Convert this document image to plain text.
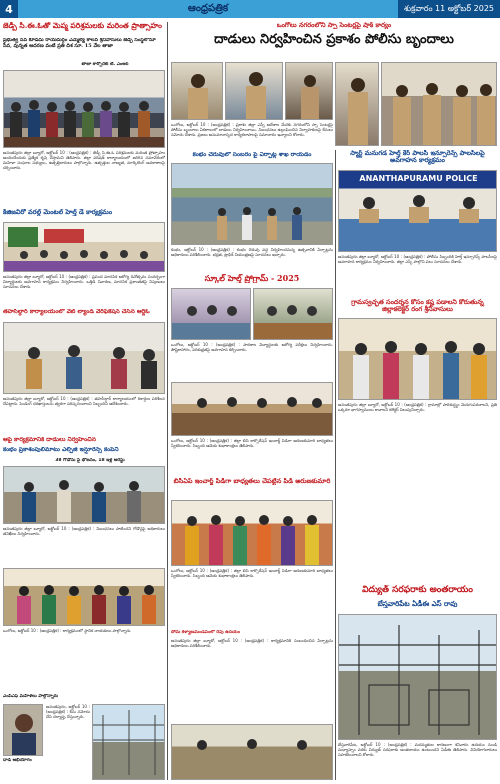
4	ఆంధ్రపత్రిక	శుక్రవారం 11 అక్టోబర్ 2025
జెడ్పీ సి.ఈ.ఓతో మెప్మ పరిశ్రమలకు మరింత ప్రాత్సాహం
ప్రభుత్వ సేవ కూడదు రాయదుర్గం ఎమ్మెల్యే కాలవ శ్రీనివాసులు జెడ్పీ సంస్థలోనూ సేవ, వున్నత ఆదరణ వంటి ప్రతి దిశ సూ. 15 వేల తాజా
తాజా కార్పొరేట్ టీ. ఎంఆర్
అనంతపురం జిల్లా బ్యూరో, అక్టోబర్ 10 : (ఆంధ్రపత్రిక) : జెడ్పీ సి.ఈ.ఓ పరిశ్రమలకు మరింత ప్రోత్సాహం అందించేందుకు ప్రత్యేక కృషి చేస్తామని తెలిపారు. జిల్లా పరిషత్ కార్యాలయంలో జరిగిన సమావేశంలో మహిళా సంఘాల సభ్యులు, ఉత్పత్తిదారులు పాల్గొన్నారు. ఉత్పత్తుల నాణ్యత, మార్కెటింగ్ అవకాశాలపై చర్చించారు.
కిజిజవిరో వరల్డ్ మెంటల్ హెల్త్ డే కార్యక్రమం
అనంతపురం జిల్లా బ్యూరో, అక్టోబర్ 10 : (ఆంధ్రపత్రిక) : ప్రపంచ మానసిక ఆరోగ్య దినోత్సవం సందర్భంగా విద్యార్థులకు అవగాహన కార్యక్రమం నిర్వహించారు. ఒత్తిడి నివారణ, మానసిక ప్రశాంతతపై నిపుణులు సూచనలు చేశారు.
తహసీల్దార్ కార్యాలయంలో వెబ్ ల్యాండ్ వెరిఫికేషన్ చేసిన ఆర్డీఓ
అనంతపురం జిల్లా బ్యూరో, అక్టోబర్ 10 : (ఆంధ్రపత్రిక) : తహసీల్దార్ కార్యాలయంలో రికార్డుల పరిశీలన చేపట్టారు. పెండింగ్ దరఖాస్తులను త్వరగా పరిష్కరించాలని సిబ్బందిని ఆదేశించారు.
ఆపై కార్యక్రమానికి దాడులు నిర్వహించిన
కంభం ప్రకాశంపులిమాటు ఎల్పిజి ఇన్షూరెన్స్ కంపెనీ
38 గోడౌను పై భోజనం, 18 ఇళ్ల అరెస్టు
అనంతపురం జిల్లా బ్యూరో, అక్టోబర్ 10 : (ఆంధ్రపత్రిక) : నిబంధనలు పాటించని గోడౌన్లపై అధికారులు తనిఖీలు నిర్వహించారు.
ఒంగోలు, అక్టోబర్ 10 : (ఆంధ్రపత్రిక) : కార్యక్రమంలో స్థానిక నాయకులు పాల్గొన్నారు.
ఎంపీఎఫ్ మహిళలు పాల్గొన్నారు
అనంతపురం, అక్టోబర్ 10 : (ఆంధ్రపత్రిక) : కేసు నమోదు చేసి దర్యాప్తు చేస్తున్నారు.
దాడి అభియోగం
ఒంగోలు నగరంలోని స్పా సెంటర్లపై షాక్ కార్యం
దాడులు నిర్వహించిన ప్రకాశం పోలీసు బృందాలు
ఒంగోలు, అక్టోబర్ 10 : (ఆంధ్రపత్రిక) : ప్రకాశం జిల్లా ఎస్పీ ఆదేశాల మేరకు నగరంలోని స్పా సెంటర్లపై పోలీసు బృందాలు ఏకకాలంలో దాడులు నిర్వహించాయి. నిబంధనలు ఉల్లంఘించిన నిర్వాహకులపై కేసులు నమోదు చేశారు. ప్రజలు అనుమానాస్పద కార్యకలాపాలపై సమాచారం ఇవ్వాలని కోరారు.
కంభం చెరువులో సంబరం పై ఏర్పాట్ల శాఖ రాయడం
కంభం, అక్టోబర్ 10 : (ఆంధ్రపత్రిక) : కంభం చెరువు వద్ద నిర్వహించనున్న ఉత్సవానికి ఏర్పాట్లను అధికారులు పరిశీలించారు. భద్రత, ట్రాఫిక్ నియంత్రణపై సూచనలు ఇచ్చారు.
స్కూల్ హెల్త్ ప్రోగ్రామ్ - 2025
ఒంగోలు, అక్టోబర్ 10 : (ఆంధ్రపత్రిక) : పాఠశాల విద్యార్థులకు ఆరోగ్య పరీక్షలు నిర్వహించారు. పౌష్టికాహారం, పరిశుభ్రతపై అవగాహన కల్పించారు.
ఒంగోలు, అక్టోబర్ 10 : (ఆంధ్రపత్రిక) : జిల్లా బిసి కార్పొరేషన్ ఇంచార్జ్ పిడిగా అరుణకుమారి బాధ్యతలు స్వీకరించారు. సిబ్బంది ఆమెకు శుభాకాంక్షలు తెలిపారు.
బిసీఏప్ ఇంచార్జ్ పిడీగా బాధ్యతలు చేపట్టిన పిడి అరుణకుమారి
ఒంగోలు, అక్టోబర్ 10 : (ఆంధ్రపత్రిక) : జిల్లా బిసి కార్పొరేషన్ ఇంచార్జ్ పిడిగా అరుణకుమారి బాధ్యతలు స్వీకరించారు. సిబ్బంది ఆమెకు శుభాకాంక్షలు తెలిపారు.
స్మార్ట్ మనుగడ హెల్త్ కేర్ పాలసీ ఇన్సూరెన్స్ పాలసీలపై అవగాహన కార్యక్రమం
ANANTHAPURAMU POLICE
అనంతపురం జిల్లా బ్యూరో, అక్టోబర్ 10 : (ఆంధ్రపత్రిక) : పోలీసు సిబ్బందికి హెల్త్ ఇన్సూరెన్స్ పాలసీలపై అవగాహన కార్యక్రమం నిర్వహించారు. జిల్లా ఎస్పీ పాల్గొని పలు సూచనలు చేశారు.
గ్రామస్వచ్ఛత సందర్శన కోసం కష్ట పడాలని కోరుతున్న జిల్లాకలెక్టర్ రంగ శ్రీనివాసులు
అనంతపురం జిల్లా బ్యూరో, అక్టోబర్ 10 : (ఆంధ్రపత్రిక) : గ్రామాల్లో పారిశుద్ధ్యం మెరుగుపరచాలని, ప్రతి ఒక్కరూ భాగస్వాములు కావాలని కలెక్టర్ పిలుపునిచ్చారు.
విద్యుత్ సరఫరాకు అంతరాయం
బేస్తవారిపేట ఏడీఈ ఎస్ రావు
బేస్తవారిపేట, అక్టోబర్ 10 : (ఆంధ్రపత్రిక) : మరమ్మతుల కారణంగా శనివారం ఉదయం నుండి మధ్యాహ్నం వరకు విద్యుత్ సరఫరాకు అంతరాయం ఉంటుందని ఏడీఈ తెలిపారు. వినియోగదారులు సహకరించాలని కోరారు.
సోమ కళ్యాణమండపంలో రేపు ఉదయం
అనంతపురం జిల్లా బ్యూరో, అక్టోబర్ 10 : (ఆంధ్రపత్రిక) : కార్యక్రమానికి సంబంధించిన ఏర్పాట్లను అధికారులు పరిశీలించారు.
